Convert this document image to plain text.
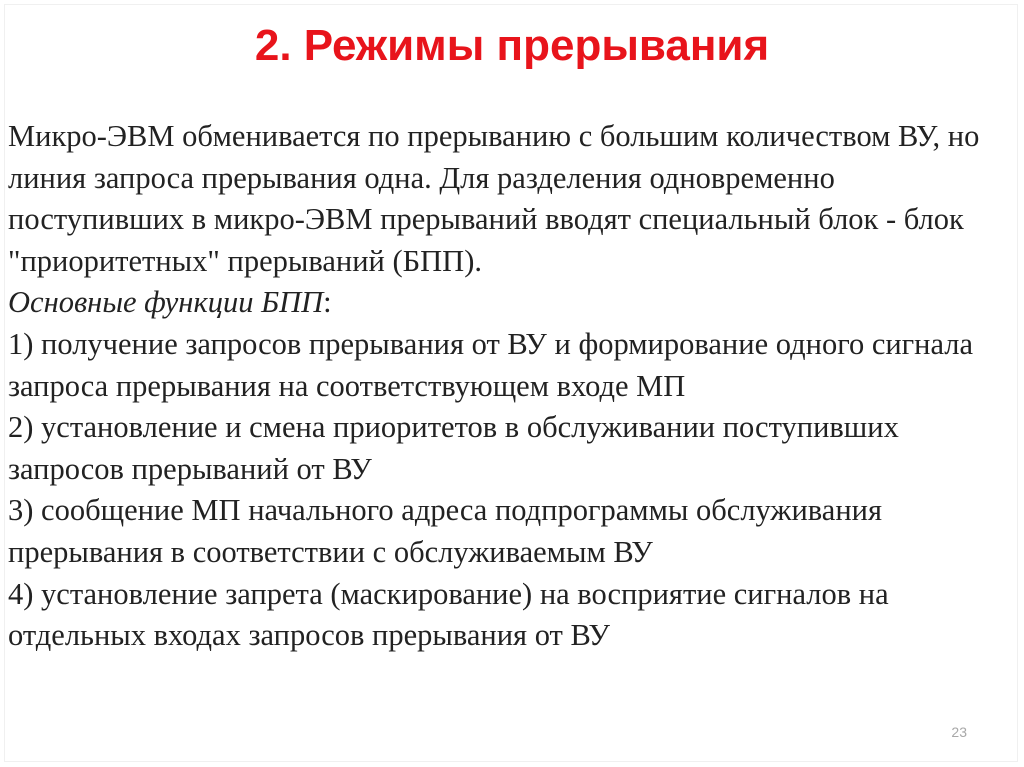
2. Режимы прерывания

Микро-ЭВМ обменивается по прерыванию с большим количеством ВУ, но линия запроса прерывания одна. Для разделения одновременно поступивших в микро-ЭВМ прерываний вводят специальный блок - блок "приоритетных" прерываний (БПП).

Основные функции БПП:

1) получение запросов прерывания от ВУ и формирование одного сигнала запроса прерывания на соответствующем входе МП

2) установление и смена приоритетов в обслуживании поступивших запросов прерываний от ВУ

3) сообщение МП начального адреса подпрограммы обслуживания прерывания в соответствии с обслуживаемым ВУ

4) установление запрета (маскирование) на восприятие сигналов на отдельных входах запросов прерывания от ВУ

23
